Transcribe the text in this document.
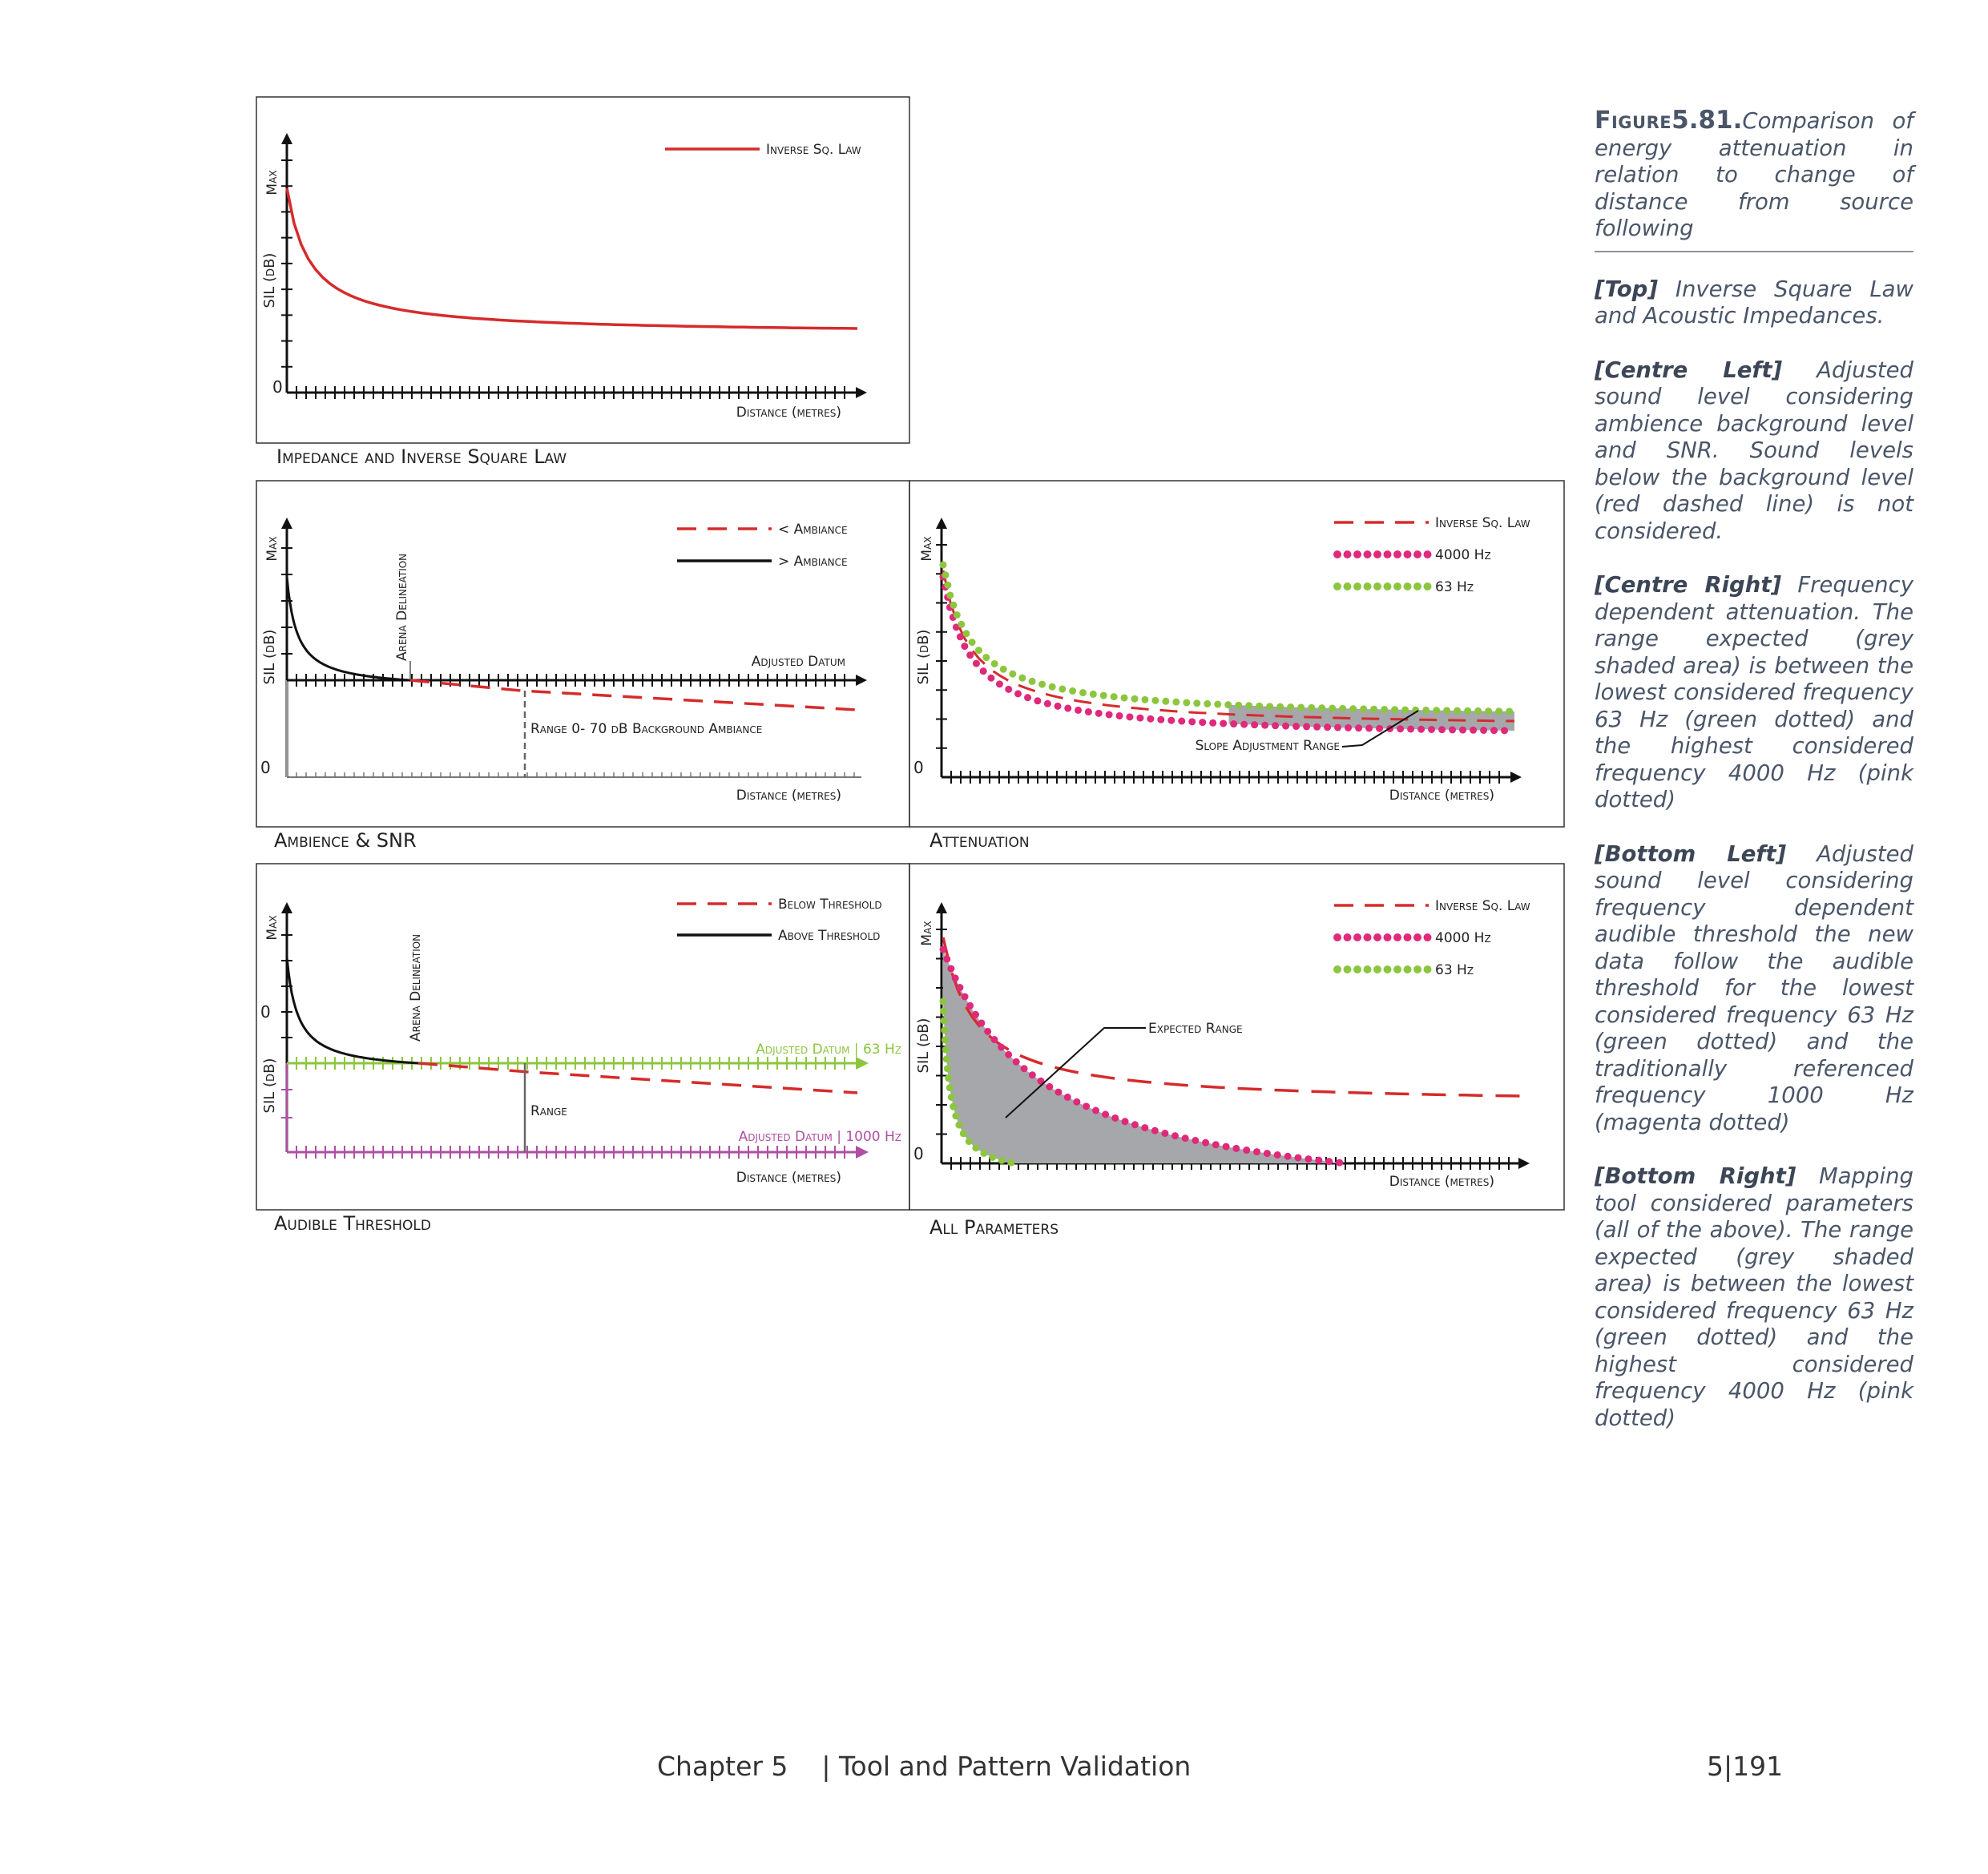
Max
SIL (dB)
0
Distance (metres)
Inverse Sq. Law
Impedance and Inverse Square Law
Max
SIL (dB)
0
Distance (metres)
Adjusted Datum
Arena Delineation
Range 0- 70 dB Background Ambiance
< Ambiance
> Ambiance
Ambience & SNR
Max
SIL (dB)
0
Distance (metres)
Slope Adjustment Range
Inverse Sq. Law
4000 Hz
63 Hz
Attenuation
Max
SIL (dB)
0
Distance (metres)
Adjusted Datum | 63 Hz
Adjusted Datum | 1000 Hz
Arena Delineation
Range
Below Threshold
Above Threshold
Audible Threshold
Max
SIL (dB)
0
Distance (metres)
Expected Range
Inverse Sq. Law
4000 Hz
63 Hz
All Parameters

Figure5.81.Comparison of energy attenuation in relation to change of distance from source following

[Top] Inverse Square Law and Acoustic Impedances.

[Centre Left] Adjusted sound level considering ambience background level and SNR. Sound levels below the background level (red dashed line) is not considered.

[Centre Right] Frequency dependent attenuation. The range expected (grey shaded area) is between the lowest considered frequency 63 Hz (green dotted) and the highest considered frequency 4000 Hz (pink dotted)

[Bottom Left] Adjusted sound level considering frequency dependent audible threshold the new data follow the audible threshold for the lowest considered frequency 63 Hz (green dotted) and the traditionally referenced frequency 1000 Hz (magenta dotted)

[Bottom Right] Mapping tool considered parameters (all of the above). The range expected (grey shaded area) is between the lowest considered frequency 63 Hz (green dotted) and the highest considered frequency 4000 Hz (pink dotted)

Chapter 5    | Tool and Pattern Validation	5|191
